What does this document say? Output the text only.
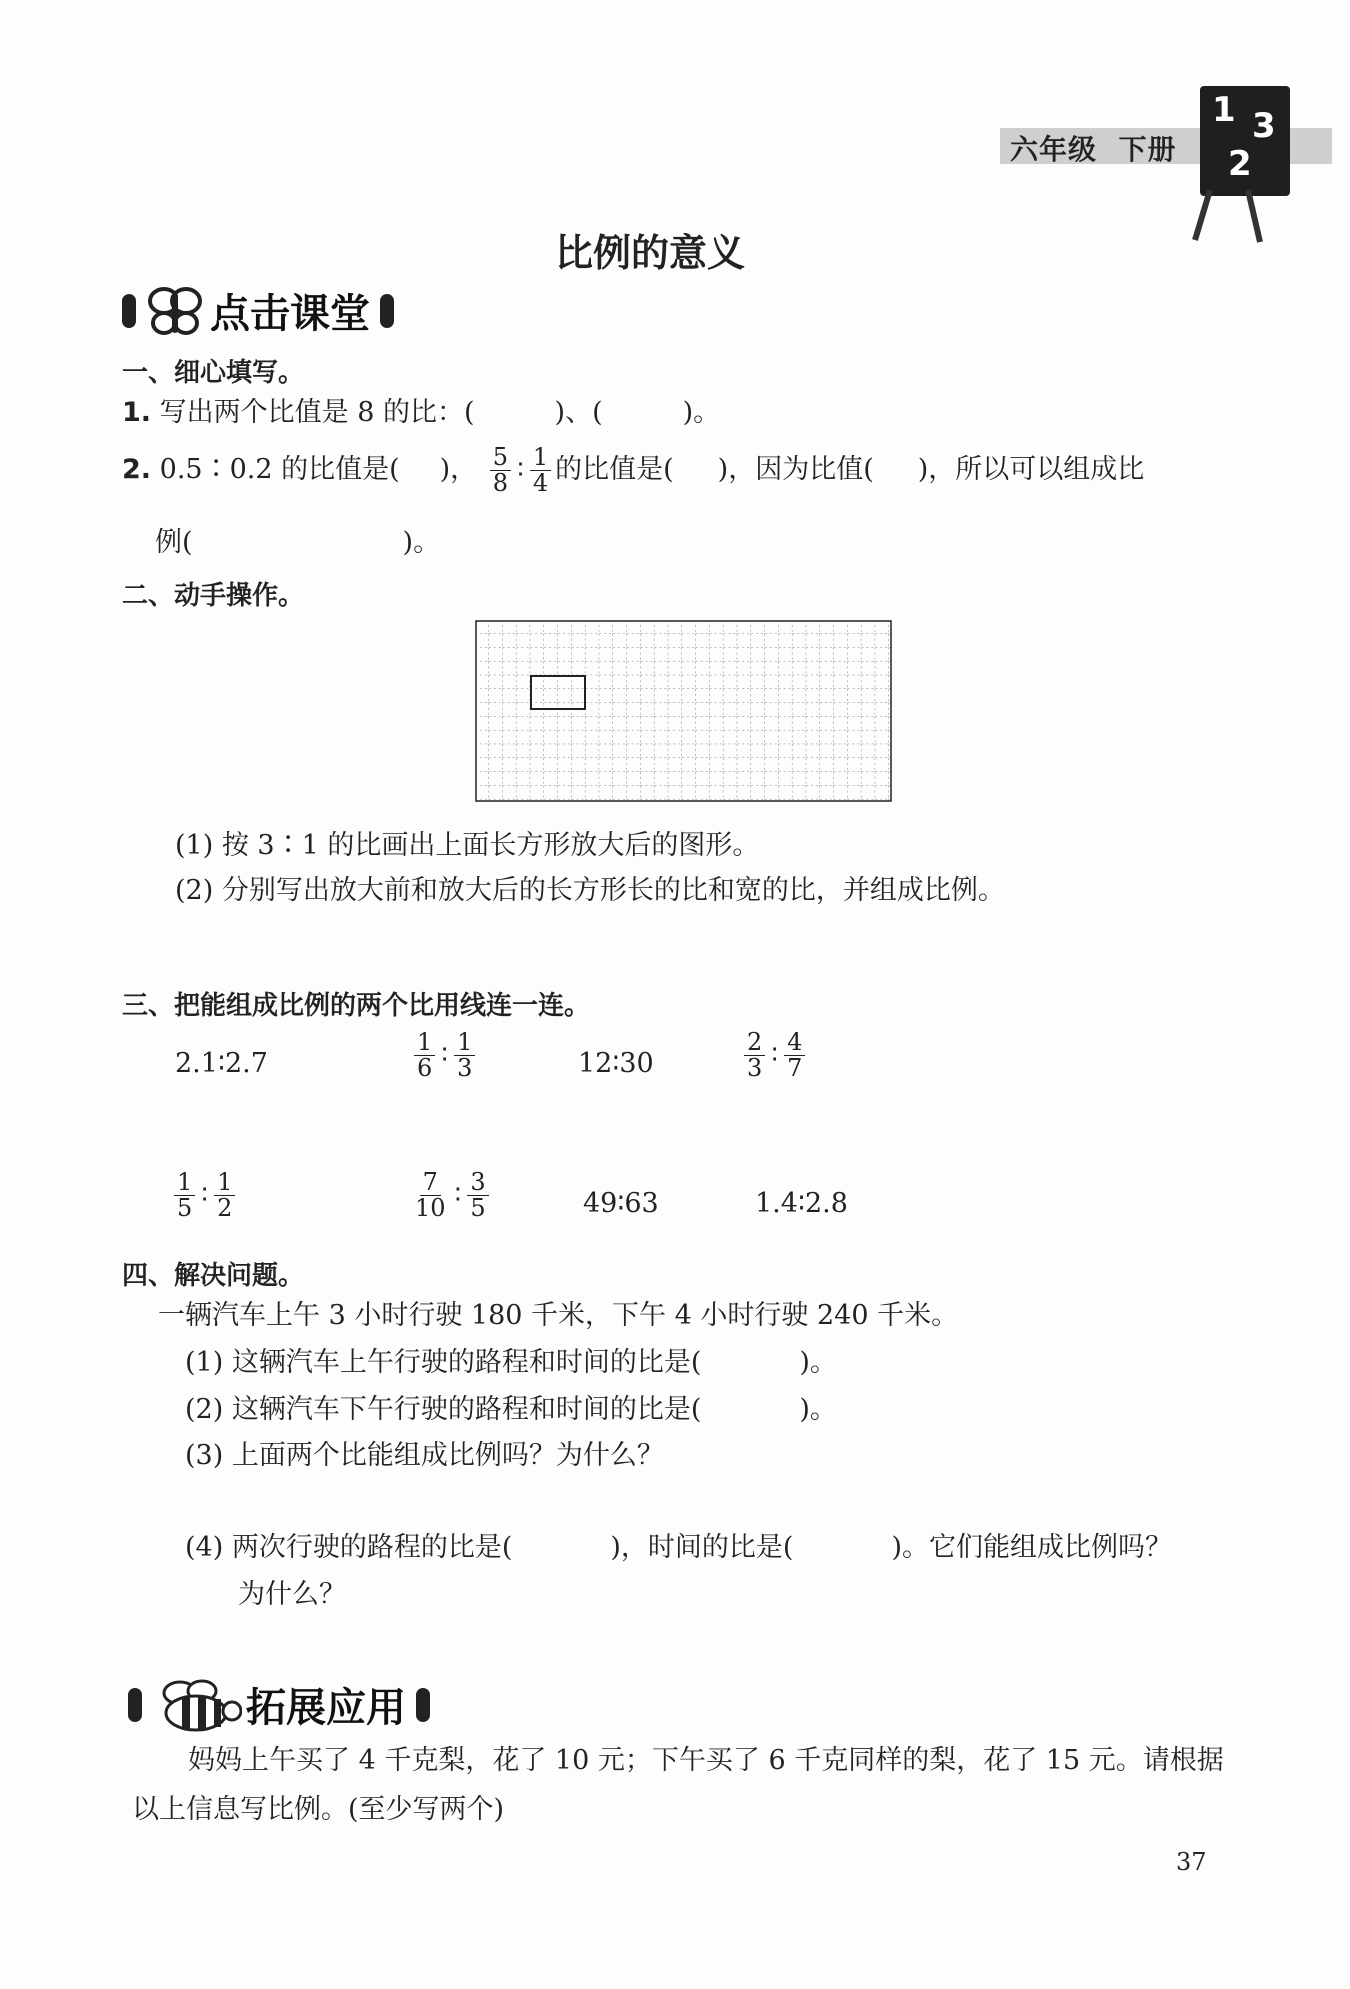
六年级 下册
1 3
2
比例的意义
点击课堂
一、细心填写。
1. 写出两个比值是 8 的比：(	)、(	)。
2. 0.5∶0.2 的比值是( )， $\frac{5}{8}$ ∶ $\frac{1}{4}$ 的比值是( )，因为比值( )，所以可以组成比
例(	)。
二、动手操作。
(1) 按 3∶1 的比画出上面长方形放大后的图形。
(2) 分别写出放大前和放大后的长方形长的比和宽的比，并组成比例。
三、把能组成比例的两个比用线连一连。
2.1∶2.7	$\frac{1}{6}$ ∶ $\frac{1}{3}$	12∶30	$\frac{2}{3}$ ∶ $\frac{4}{7}$
$\frac{1}{5}$ ∶ $\frac{1}{2}$	$\frac{7}{10}$ ∶ $\frac{3}{5}$	49∶63	1.4∶2.8
四、解决问题。
一辆汽车上午 3 小时行驶 180 千米，下午 4 小时行驶 240 千米。
(1) 这辆汽车上午行驶的路程和时间的比是(	)。
(2) 这辆汽车下午行驶的路程和时间的比是(	)。
(3) 上面两个比能组成比例吗？为什么？
(4) 两次行驶的路程的比是(	)，时间的比是(	)。它们能组成比例吗？
为什么？
拓展应用
妈妈上午买了 4 千克梨，花了 10 元；下午买了 6 千克同样的梨，花了 15 元。请根据
以上信息写比例。(至少写两个)
37
